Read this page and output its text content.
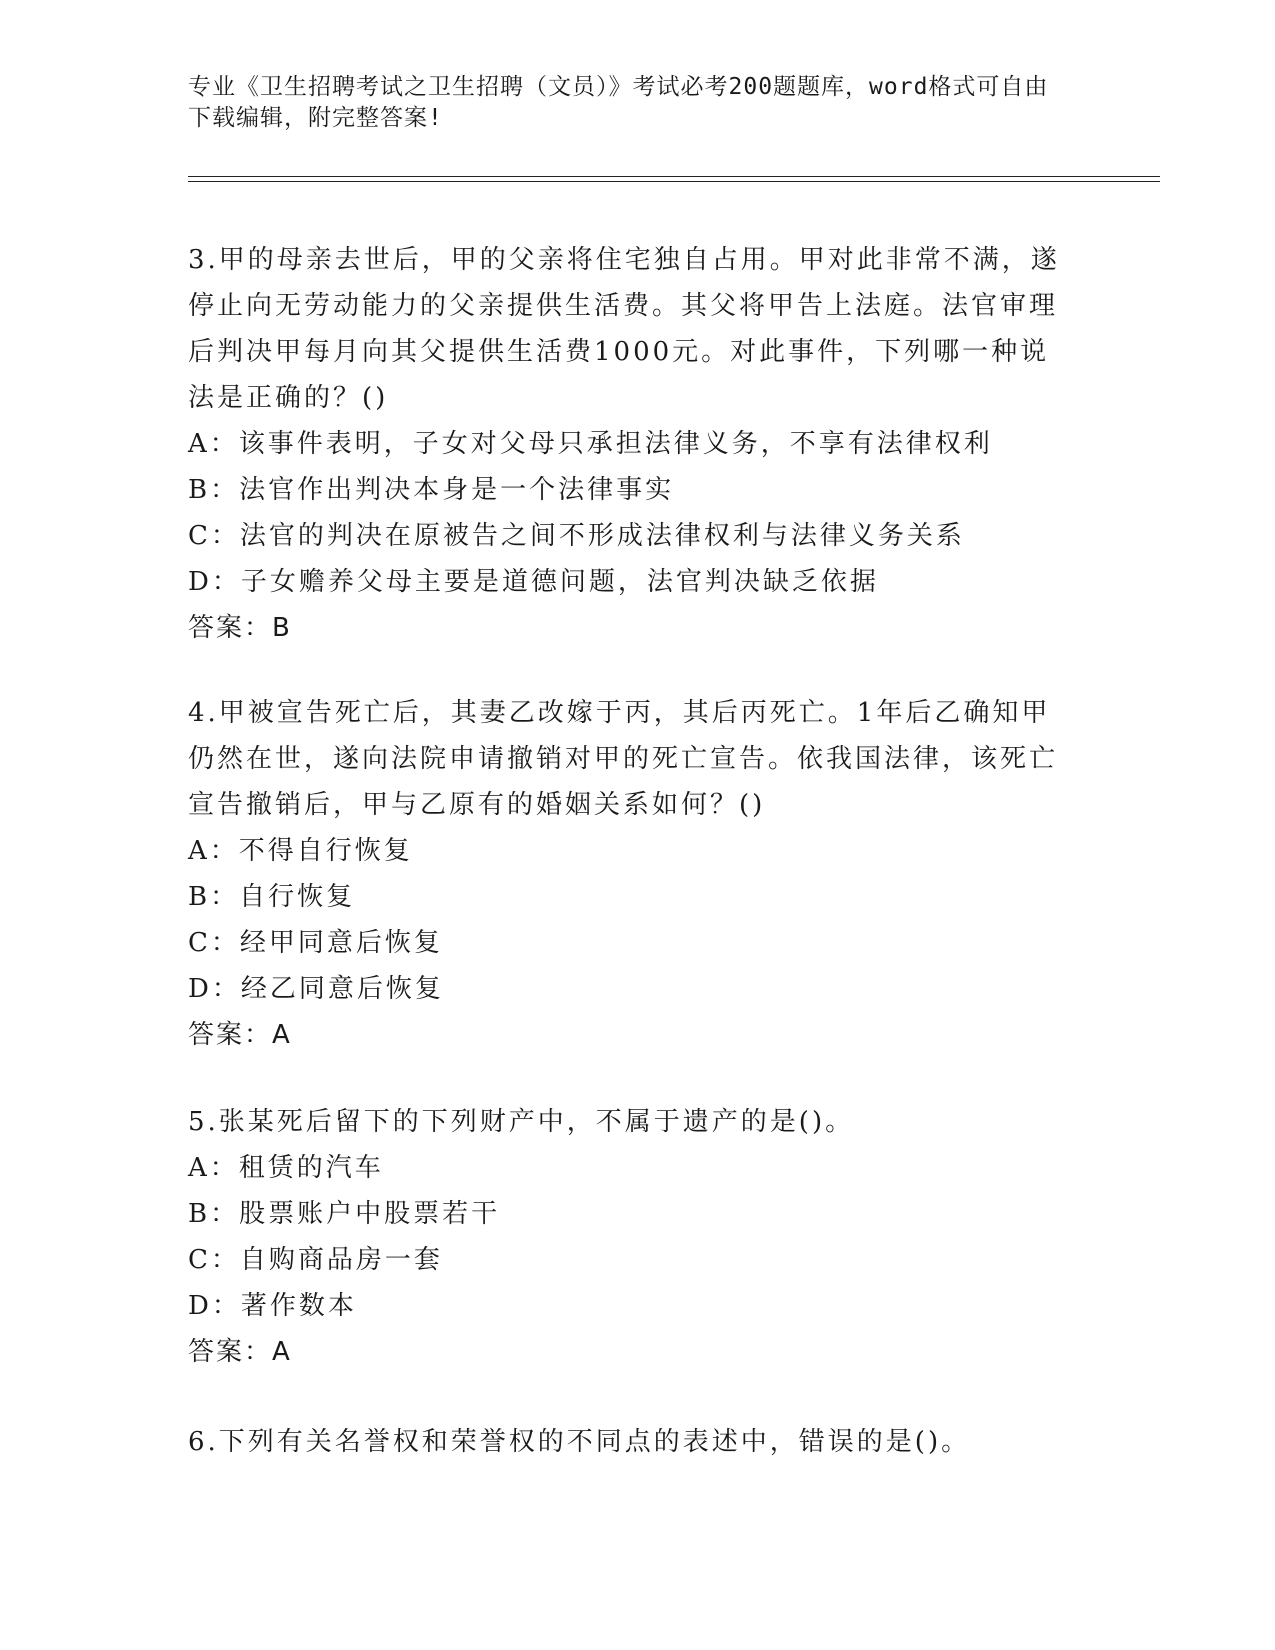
专业《卫生招聘考试之卫生招聘（文员）》考试必考200题题库，word格式可自由下载编辑，附完整答案!

3.甲的母亲去世后，甲的父亲将住宅独自占用。甲对此非常不满，遂停止向无劳动能力的父亲提供生活费。其父将甲告上法庭。法官审理后判决甲每月向其父提供生活费1000元。对此事件，下列哪一种说法是正确的？()

A：该事件表明，子女对父母只承担法律义务，不享有法律权利

B：法官作出判决本身是一个法律事实

C：法官的判决在原被告之间不形成法律权利与法律义务关系

D：子女赡养父母主要是道德问题，法官判决缺乏依据

答案：B

4.甲被宣告死亡后，其妻乙改嫁于丙，其后丙死亡。1年后乙确知甲仍然在世，遂向法院申请撤销对甲的死亡宣告。依我国法律，该死亡宣告撤销后，甲与乙原有的婚姻关系如何？()

A：不得自行恢复

B：自行恢复

C：经甲同意后恢复

D：经乙同意后恢复

答案：A

5.张某死后留下的下列财产中，不属于遗产的是()。

A：租赁的汽车

B：股票账户中股票若干

C：自购商品房一套

D：著作数本

答案：A

6.下列有关名誉权和荣誉权的不同点的表述中，错误的是()。
